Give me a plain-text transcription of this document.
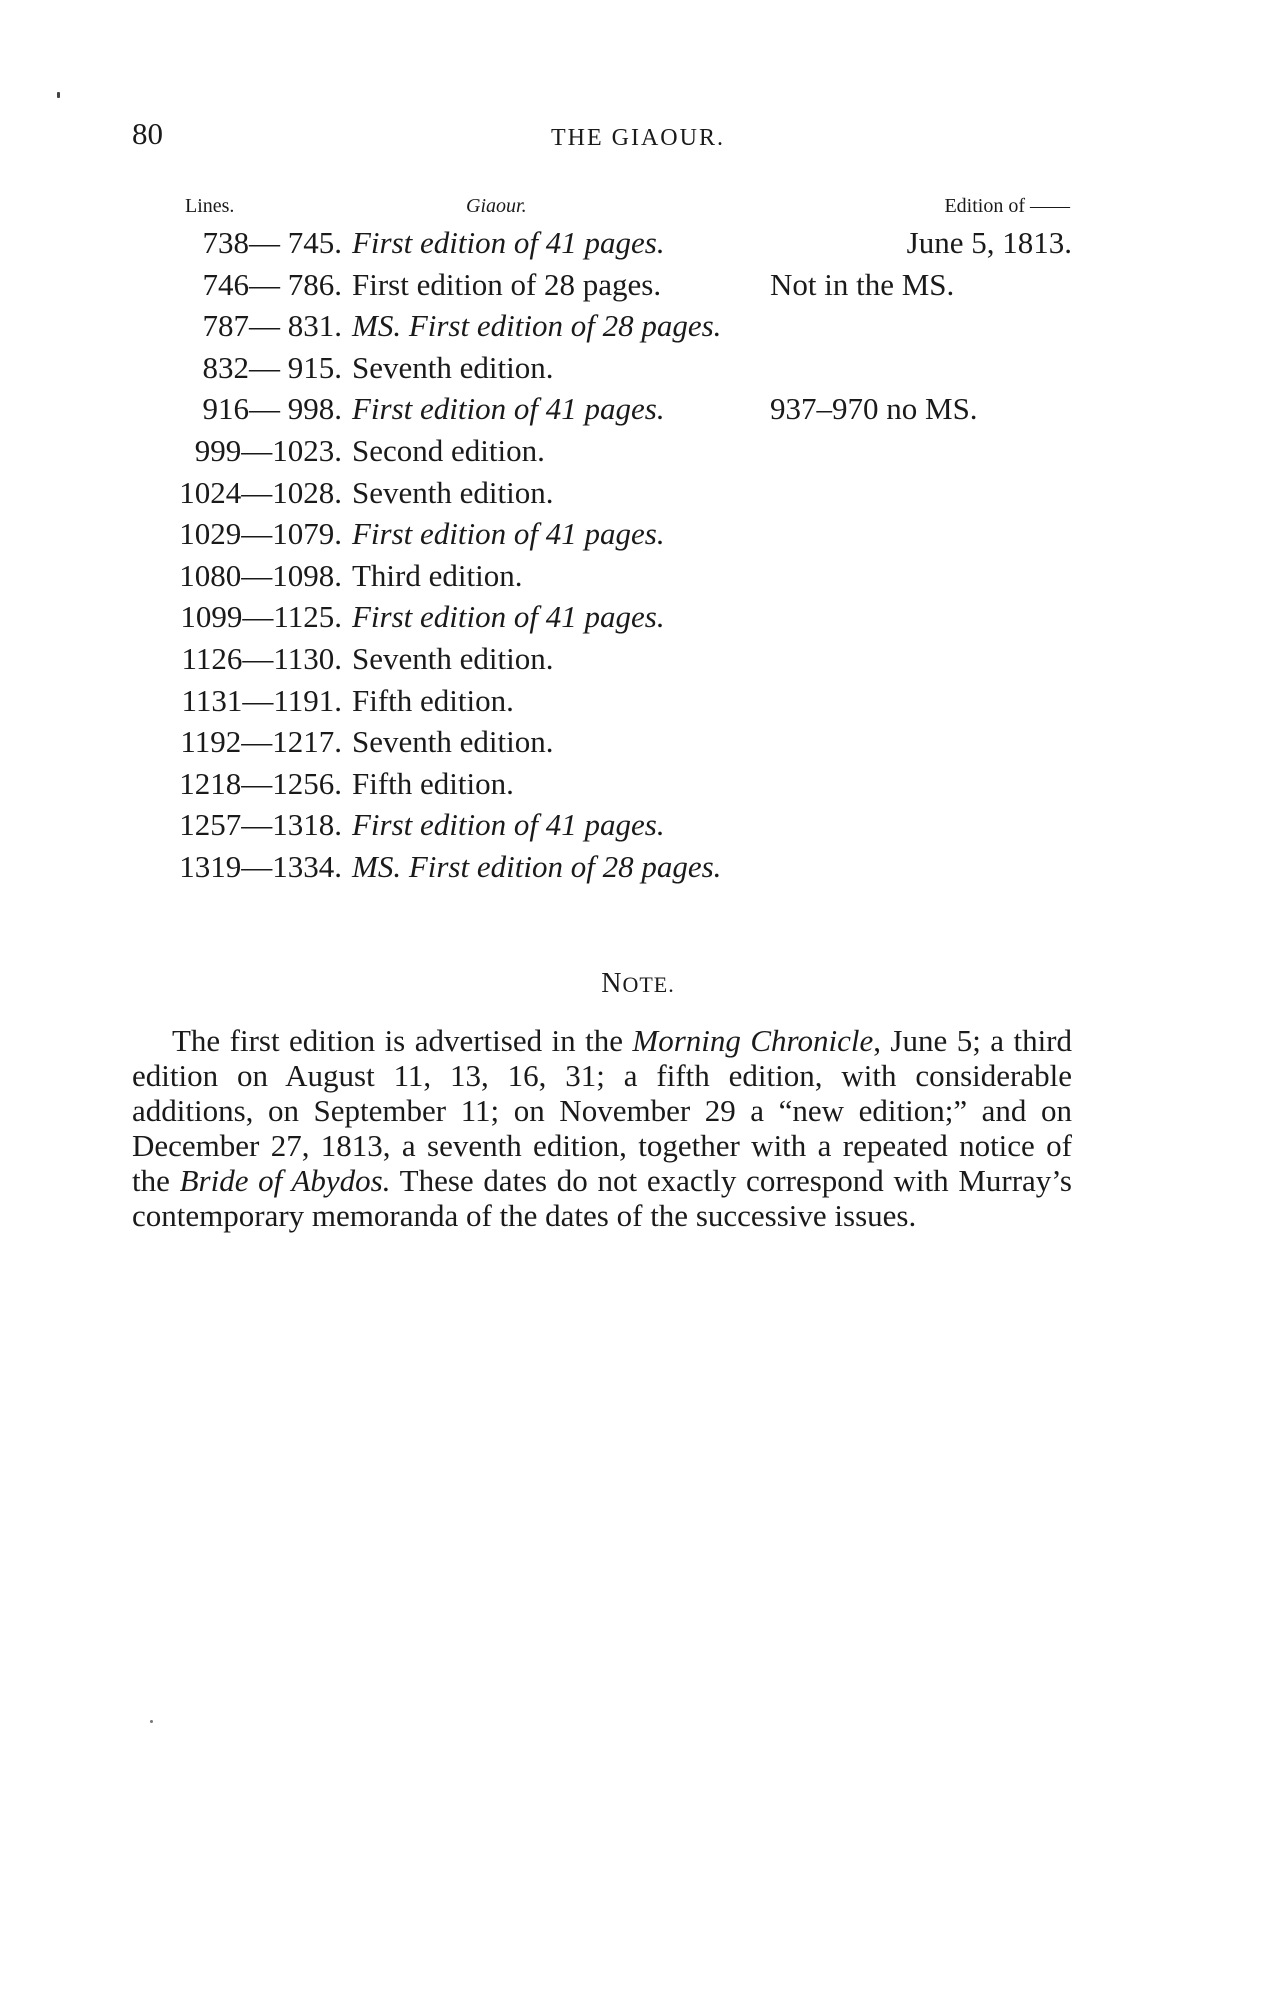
80	THE GIAOUR.
Lines.	Giaour.	Edition of ——
738— 745. First edition of 41 pages.	June 5, 1813.
746— 786. First edition of 28 pages.	Not in the MS.
787— 831. MS. First edition of 28 pages.
832— 915. Seventh edition.
916— 998. First edition of 41 pages.	937–970 no MS.
999—1023. Second edition.
1024—1028. Seventh edition.
1029—1079. First edition of 41 pages.
1080—1098. Third edition.
1099—1125. First edition of 41 pages.
1126—1130. Seventh edition.
1131—1191. Fifth edition.
1192—1217. Seventh edition.
1218—1256. Fifth edition.
1257—1318. First edition of 41 pages.
1319—1334. MS. First edition of 28 pages.
NOTE.

The first edition is advertised in the Morning Chronicle, June 5; a third edition on August 11, 13, 16, 31; a fifth edition, with considerable additions, on September 11; on November 29 a “new edition;” and on December 27, 1813, a seventh edition, together with a repeated notice of the Bride of Abydos. These dates do not exactly correspond with Murray’s contemporary memoranda of the dates of the successive issues.
